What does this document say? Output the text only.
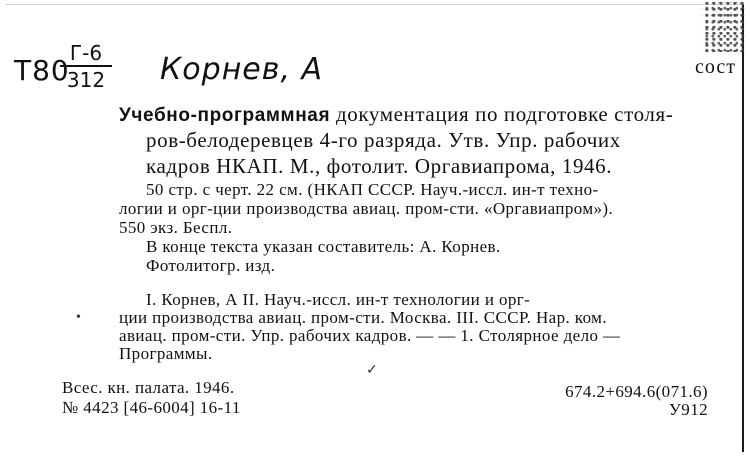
Т80
Г-6
312 Корнев, А	сост
Учебно-программная документация по подготовке столя-
ров-белодеревцев 4-го разряда. Утв. Упр. рабочих
кадров НКАП. М., фотолит. Оргавиапрома, 1946.
50 стр. с черт. 22 см. (НКАП СССР. Науч.-иссл. ин-т техно-
логии и орг-ции производства авиац. пром-сти. «Оргавиапром»).
550 экз. Беспл.
В конце текста указан составитель: А. Корнев.
Фотолитогр. изд.
I. Корнев, А II. Науч.-иссл. ин-т технологии и орг-
ции производства авиац. пром-сти. Москва. III. СССР. Нар. ком.
авиац. пром-сти. Упр. рабочих кадров. — — 1. Столярное дело —
Программы.
•
✓
Всес. кн. палата. 1946.
№ 4423 [46-6004] 16-11
674.2+694.6(071.6)
У912
